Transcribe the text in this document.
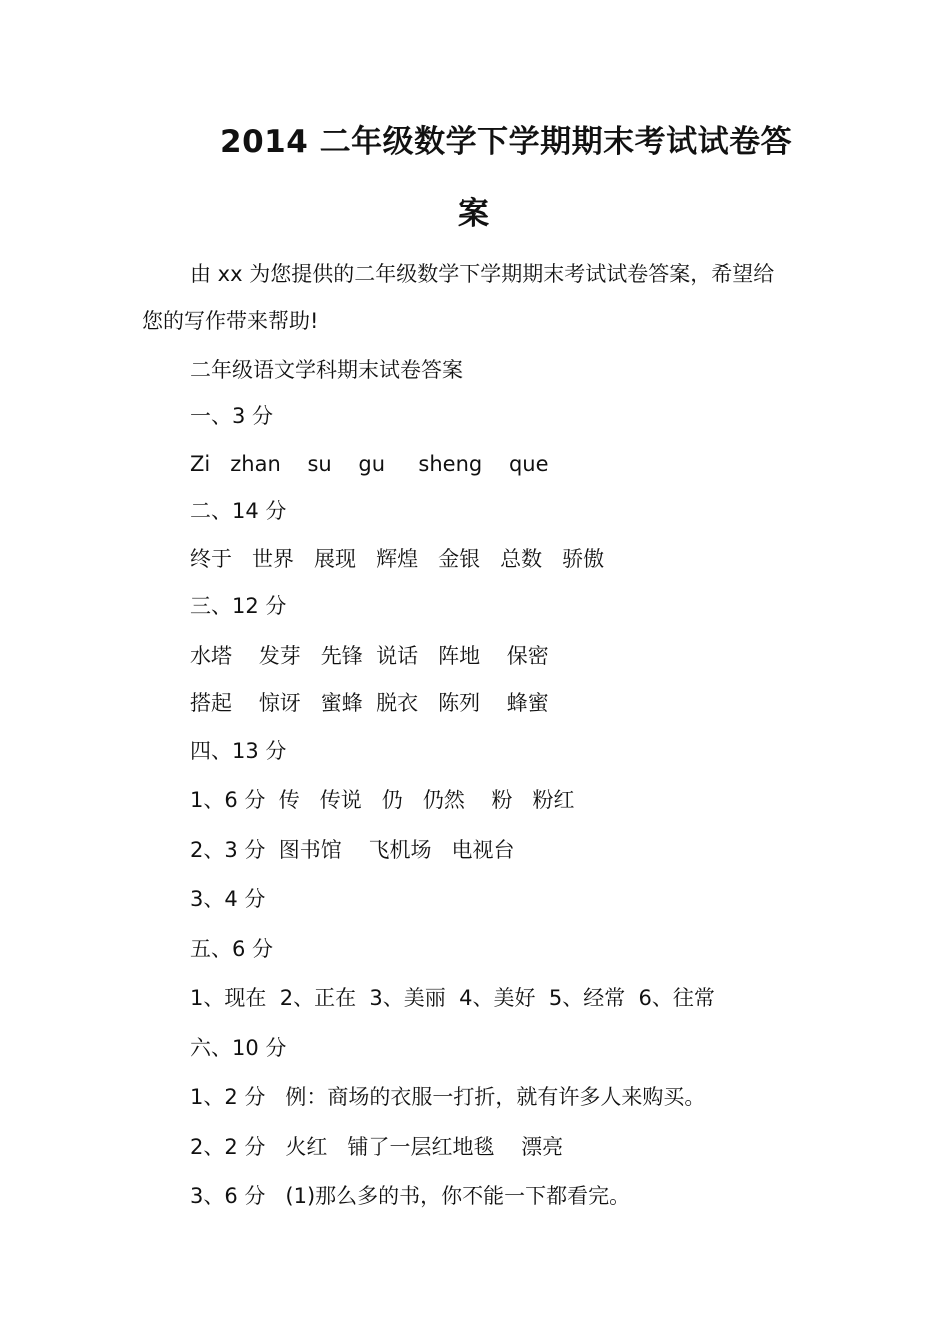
2014 二年级数学下学期期末考试试卷答
案
由 xx 为您提供的二年级数学下学期期末考试试卷答案，希望给
您的写作带来帮助!
二年级语文学科期末试卷答案
一、3 分
Zi   zhan    su    gu     sheng    que
二、14 分
终于   世界   展现   辉煌   金银   总数   骄傲
三、12 分
水塔    发芽   先锋  说话   阵地    保密
搭起    惊讶   蜜蜂  脱衣   陈列    蜂蜜
四、13 分
1、6 分  传   传说   仍   仍然    粉   粉红
2、3 分  图书馆    飞机场   电视台
3、4 分
五、6 分
1、现在  2、正在  3、美丽  4、美好  5、经常  6、往常
六、10 分
1、2 分   例：商场的衣服一打折，就有许多人来购买。
2、2 分   火红   铺了一层红地毯    漂亮
3、6 分   (1)那么多的书，你不能一下都看完。
